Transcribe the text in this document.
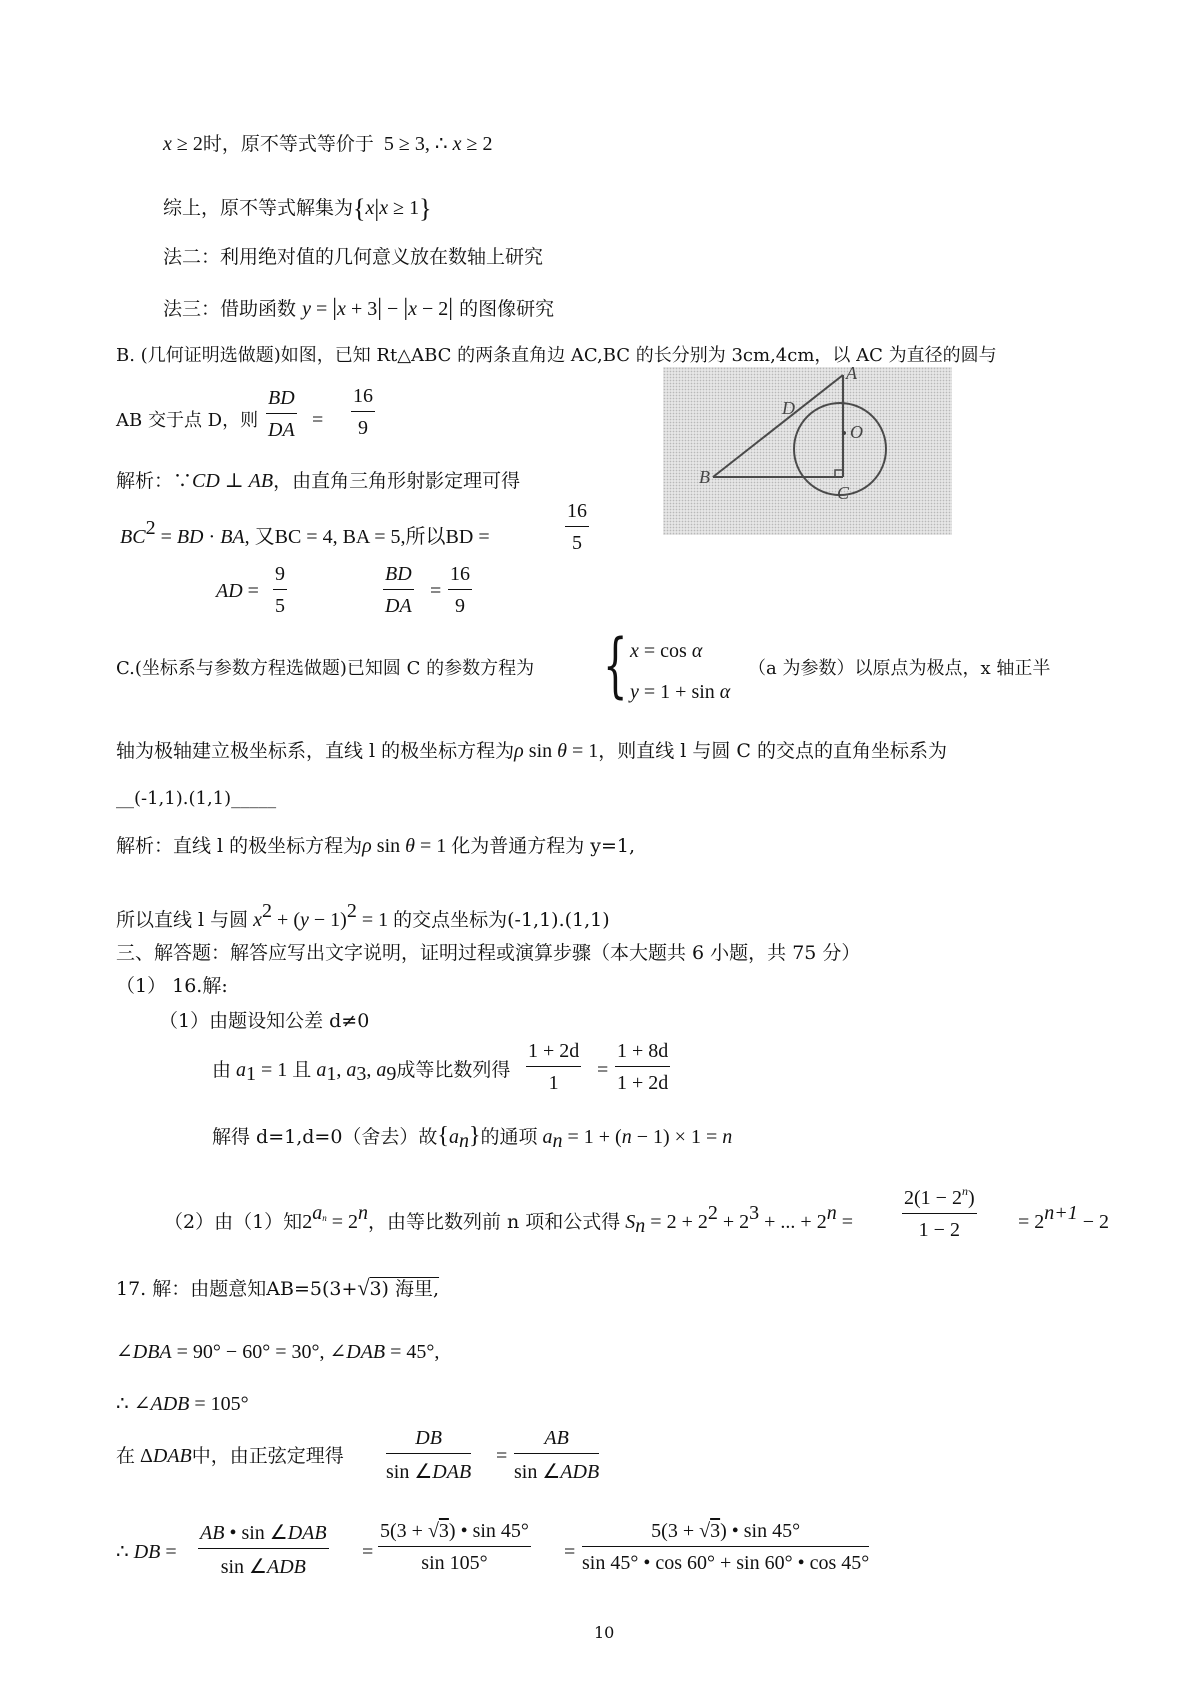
x ≥ 2时，原不等式等价于  5 ≥ 3, ∴ x ≥ 2
综上，原不等式解集为{x|x ≥ 1}
法二：利用绝对值的几何意义放在数轴上研究
法三：借助函数 y = |x + 3| − |x − 2| 的图像研究
B. (几何证明选做题)如图，已知 Rt△ABC 的两条直角边 AC,BC 的长分别为 3cm,4cm，以 AC 为直径的圆与
AB 交于点 D，则 $\frac{BD}{DA} = \frac{16}{9}$
解析：∵CD ⊥ AB，由直角三角形射影定理可得
$BC^2$ = BD · BA, 又BC = 4, BA = 5,所以BD =	$\frac{16}{5}$
AD = $\frac{9}{5}$	$\frac{BD}{DA} = \frac{16}{9}$
A
B
C
D
O
C.(坐标系与参数方程选做题)已知圆 C 的参数方程为 { x = cos α
y = 1 + sin α
（a 为参数）以原点为极点，x 轴正半
轴为极轴建立极坐标系，直线 l 的极坐标方程为ρ sin θ = 1，则直线 l 与圆 C 的交点的直角坐标系为
__(-1,1).(1,1)_____
解析：直线 l 的极坐标方程为ρ sin θ = 1 化为普通方程为 y=1,
所以直线 l 与圆 $x^2 + (y - 1)^2 = 1$ 的交点坐标为(-1,1).(1,1)
三、解答题：解答应写出文字说明，证明过程或演算步骤（本大题共 6 小题，共 75 分）
（1） 16.解:
（1）由题设知公差 d≠0
由 $a_1 = 1$ 且 $a_1$, $a_3$, $a_9$成等比数列得 $\frac{1 + 2d}{1} = \frac{1 + 8d}{1 + 2d}$
解得 d=1,d=0（舍去）故$\{a_n\}$的通项 $a_n = 1 + (n - 1) \times 1 = n$
（2）由（1）知$2^{a_n} = 2^n$，由等比数列前 n 项和公式得 $S_n = 2 + 2^2 + 2^3$ + ... + $2^n = \frac{2(1 - 2^n)}{1 - 2} = 2^{n+1} - 2$
17. 解：由题意知AB=5(3+√3) 海里,
∠DBA = 90° − 60° = 30°, ∠DAB = 45°,
∴ ∠ADB = 105°
在 ΔDAB中，由正弦定理得
DB
sin ∠DAB
=
AB
sin ∠ADB
∴ DB =
AB • sin ∠DAB
sin ∠ADB
= $\frac{5(3 + √3) • \sin 45^\circ}{\sin 105^\circ} = \frac{5(3 + √3) • \sin 45^\circ}{\sin 45^\circ • \cos 60^\circ + \sin 60^\circ • \cos 45^\circ}$
10
